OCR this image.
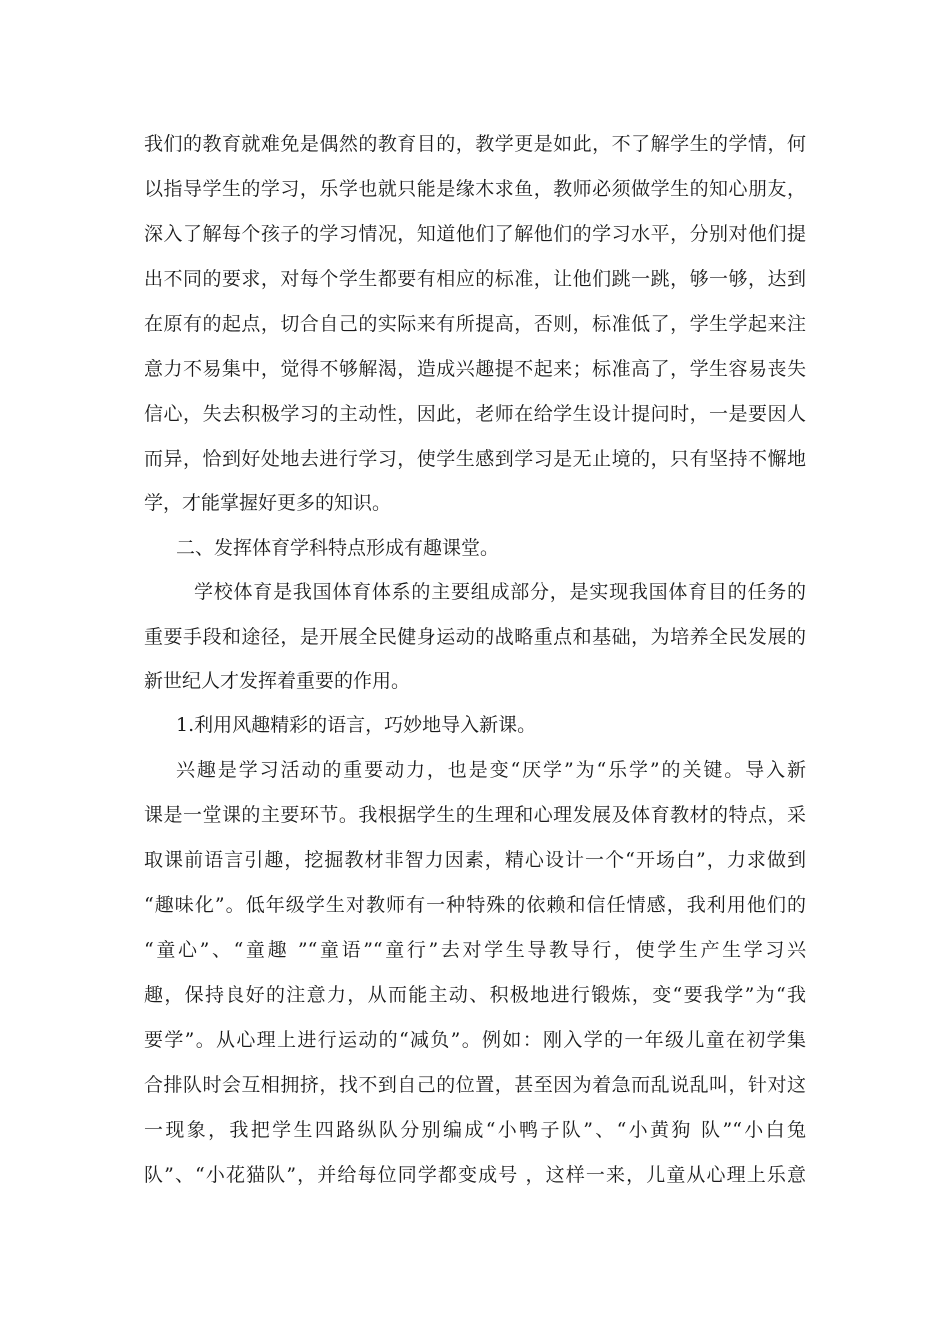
我们的教育就难免是偶然的教育目的，教学更是如此，不了解学生的学情，何
以指导学生的学习，乐学也就只能是缘木求鱼，教师必须做学生的知心朋友，
深入了解每个孩子的学习情况，知道他们了解他们的学习水平，分别对他们提
出不同的要求，对每个学生都要有相应的标准，让他们跳一跳，够一够，达到
在原有的起点，切合自己的实际来有所提高，否则，标准低了，学生学起来注
意力不易集中，觉得不够解渴，造成兴趣提不起来；标准高了，学生容易丧失
信心，失去积极学习的主动性，因此，老师在给学生设计提问时，一是要因人
而异，恰到好处地去进行学习，使学生感到学习是无止境的，只有坚持不懈地
学，才能掌握好更多的知识。
二、发挥体育学科特点形成有趣课堂。
学校体育是我国体育体系的主要组成部分，是实现我国体育目的任务的
重要手段和途径，是开展全民健身运动的战略重点和基础，为培养全民发展的
新世纪人才发挥着重要的作用。
1.利用风趣精彩的语言，巧妙地导入新课。
兴趣是学习活动的重要动力，也是变“厌学”为“乐学”的关键。导入新
课是一堂课的主要环节。我根据学生的生理和心理发展及体育教材的特点，采
取课前语言引趣，挖掘教材非智力因素，精心设计一个“开场白”，力求做到
“趣味化”。低年级学生对教师有一种特殊的依赖和信任情感，我利用他们的
“童心”、“童趣 ”“童语”“童行”去对学生导教导行，使学生产生学习兴
趣，保持良好的注意力，从而能主动、积极地进行锻炼，变“要我学”为“我
要学”。从心理上进行运动的“减负”。例如：刚入学的一年级儿童在初学集
合排队时会互相拥挤，找不到自己的位置，甚至因为着急而乱说乱叫，针对这
一现象，我把学生四路纵队分别编成“小鸭子队”、“小黄狗 队”“小白兔
队”、“小花猫队”，并给每位同学都变成号 ，这样一来，儿童从心理上乐意
